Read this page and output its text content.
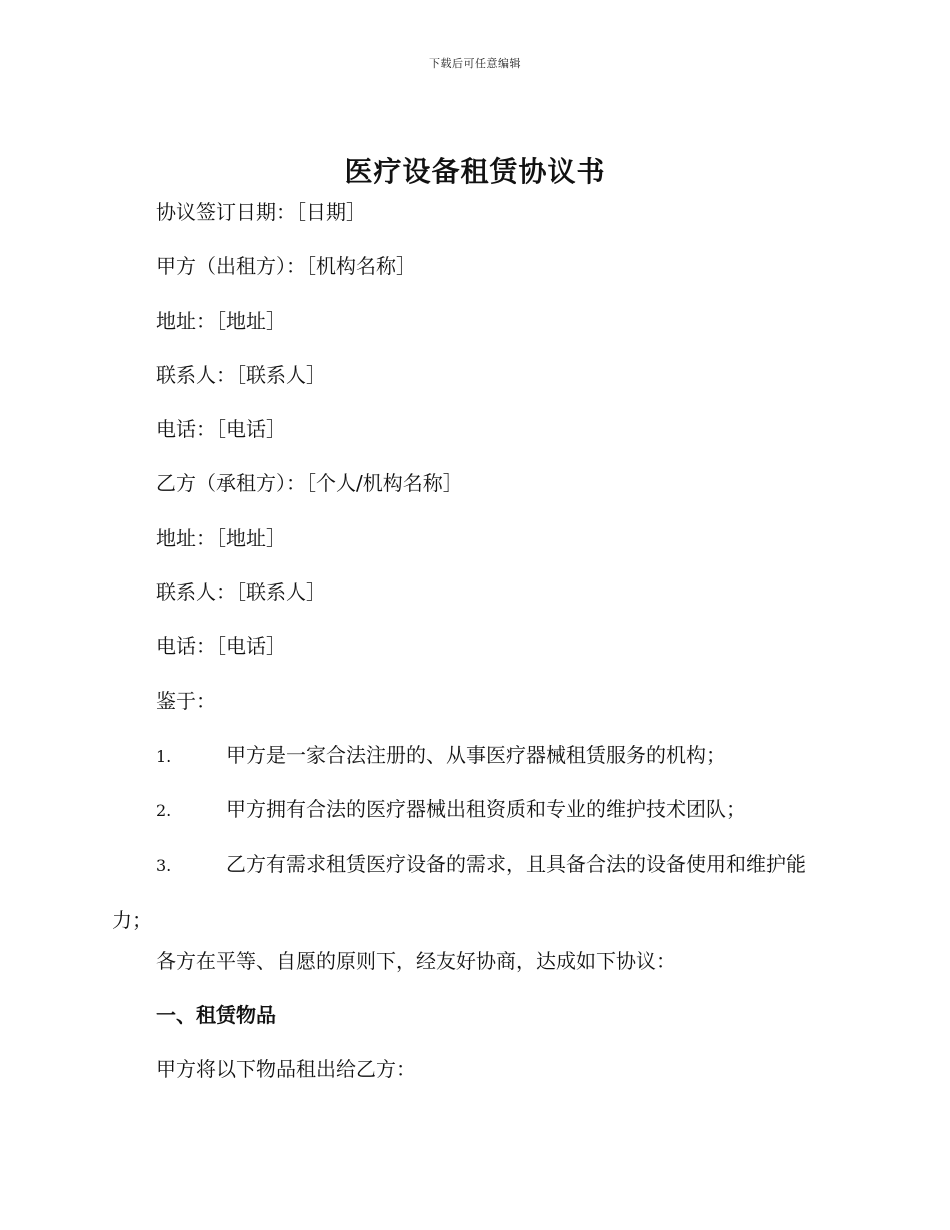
下载后可任意编辑
医疗设备租赁协议书

协议签订日期：［日期］

甲方（出租方）：［机构名称］

地址：［地址］

联系人：［联系人］

电话：［电话］

乙方（承租方）：［个人/机构名称］

地址：［地址］

联系人：［联系人］

电话：［电话］

鉴于：

1.	甲方是一家合法注册的、从事医疗器械租赁服务的机构；

2.	甲方拥有合法的医疗器械出租资质和专业的维护技术团队；

3.	乙方有需求租赁医疗设备的需求，且具备合法的设备使用和维护能力；

各方在平等、自愿的原则下，经友好协商，达成如下协议：

一、租赁物品

甲方将以下物品租出给乙方：
